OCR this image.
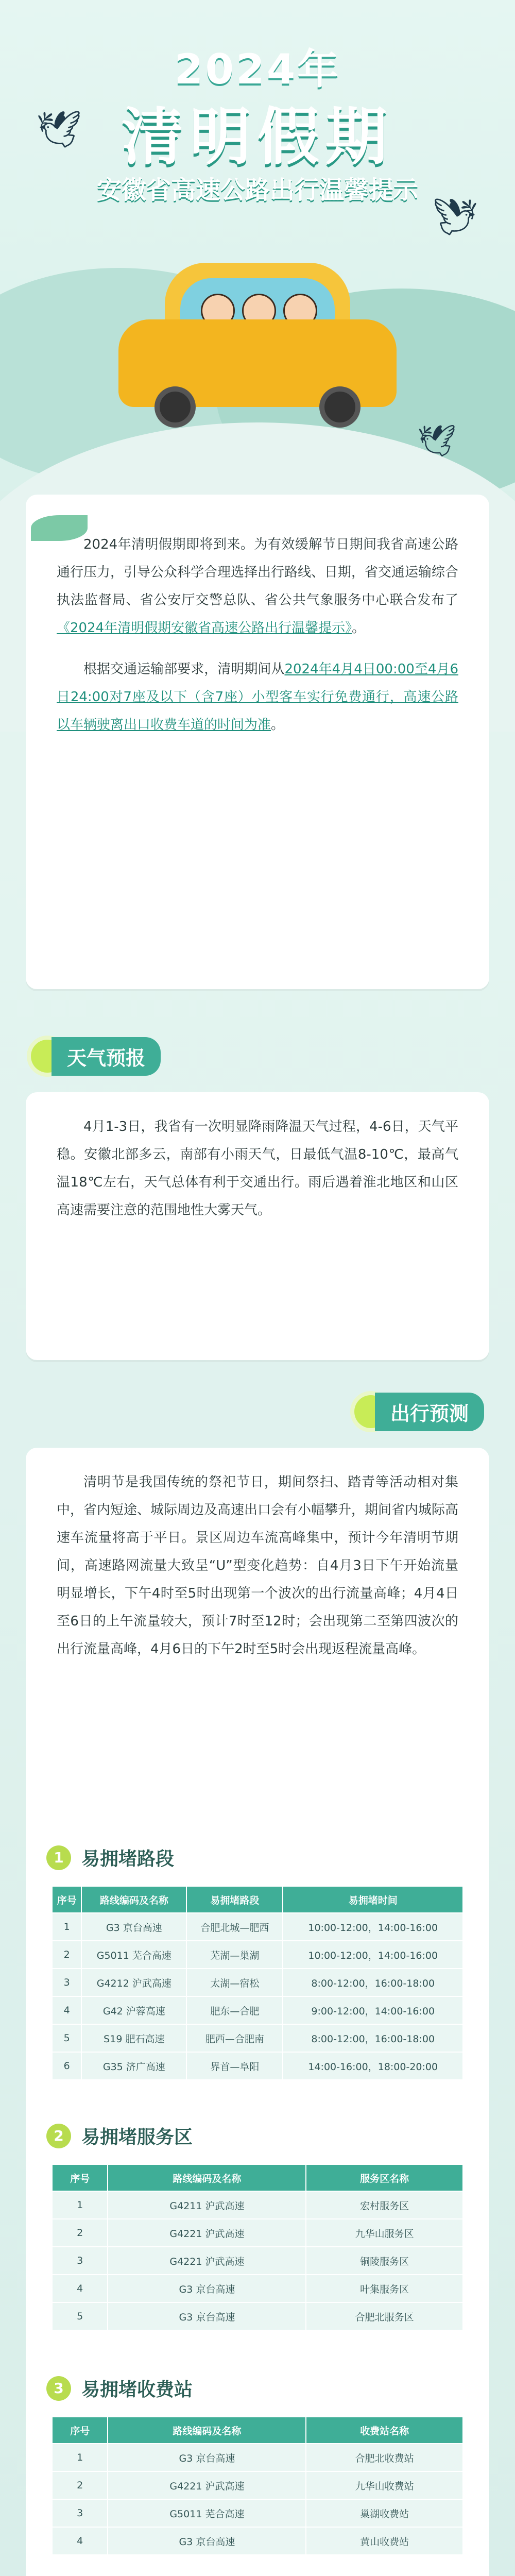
🕊
🕊
🕊
2024年
清明假期
安徽省高速公路出行温馨提示

2024年清明假期即将到来。为有效缓解节日期间我省高速公路通行压力，引导公众科学合理选择出行路线、日期，省交通运输综合执法监督局、省公安厅交警总队、省公共气象服务中心联合发布了《2024年清明假期安徽省高速公路出行温馨提示》。

根据交通运输部要求，清明期间从2024年4月4日00:00至4月6日24:00对7座及以下（含7座）小型客车实行免费通行，高速公路以车辆驶离出口收费车道的时间为准。

天气预报

4月1-3日，我省有一次明显降雨降温天气过程，4-6日，天气平稳。安徽北部多云，南部有小雨天气，日最低气温8-10℃，最高气温18℃左右，天气总体有利于交通出行。雨后遇着淮北地区和山区高速需要注意的范围地性大雾天气。

出行预测

清明节是我国传统的祭祀节日，期间祭扫、踏青等活动相对集中，省内短途、城际周边及高速出口会有小幅攀升，期间省内城际高速车流量将高于平日。景区周边车流高峰集中，预计今年清明节期间，高速路网流量大致呈“U”型变化趋势：自4月3日下午开始流量明显增长，下午4时至5时出现第一个波次的出行流量高峰；4月4日至6日的上午流量较大，预计7时至12时；会出现第二至第四波次的出行流量高峰，4月6日的下午2时至5时会出现返程流量高峰。

1 易拥堵路段
序号	路线编码及名称	易拥堵路段	易拥堵时间
1	G3 京台高速	合肥北城—肥西	10:00-12:00，14:00-16:00
2	G5011 芜合高速	芜湖—巢湖	10:00-12:00，14:00-16:00
3	G4212 沪武高速	太湖—宿松	8:00-12:00，16:00-18:00
4	G42 沪蓉高速	肥东—合肥	9:00-12:00，14:00-16:00
5	S19 肥石高速	肥西—合肥南	8:00-12:00，16:00-18:00
6	G35 济广高速	界首—阜阳	14:00-16:00，18:00-20:00
2 易拥堵服务区
序号	路线编码及名称	服务区名称
1	G4211 沪武高速	宏村服务区
2	G4221 沪武高速	九华山服务区
3	G4221 沪武高速	铜陵服务区
4	G3 京台高速	叶集服务区
5	G3 京台高速	合肥北服务区
3 易拥堵收费站
序号	路线编码及名称	收费站名称
1	G3 京台高速	合肥北收费站
2	G4221 沪武高速	九华山收费站
3	G5011 芜合高速	巢湖收费站
4	G3 京台高速	黄山收费站
